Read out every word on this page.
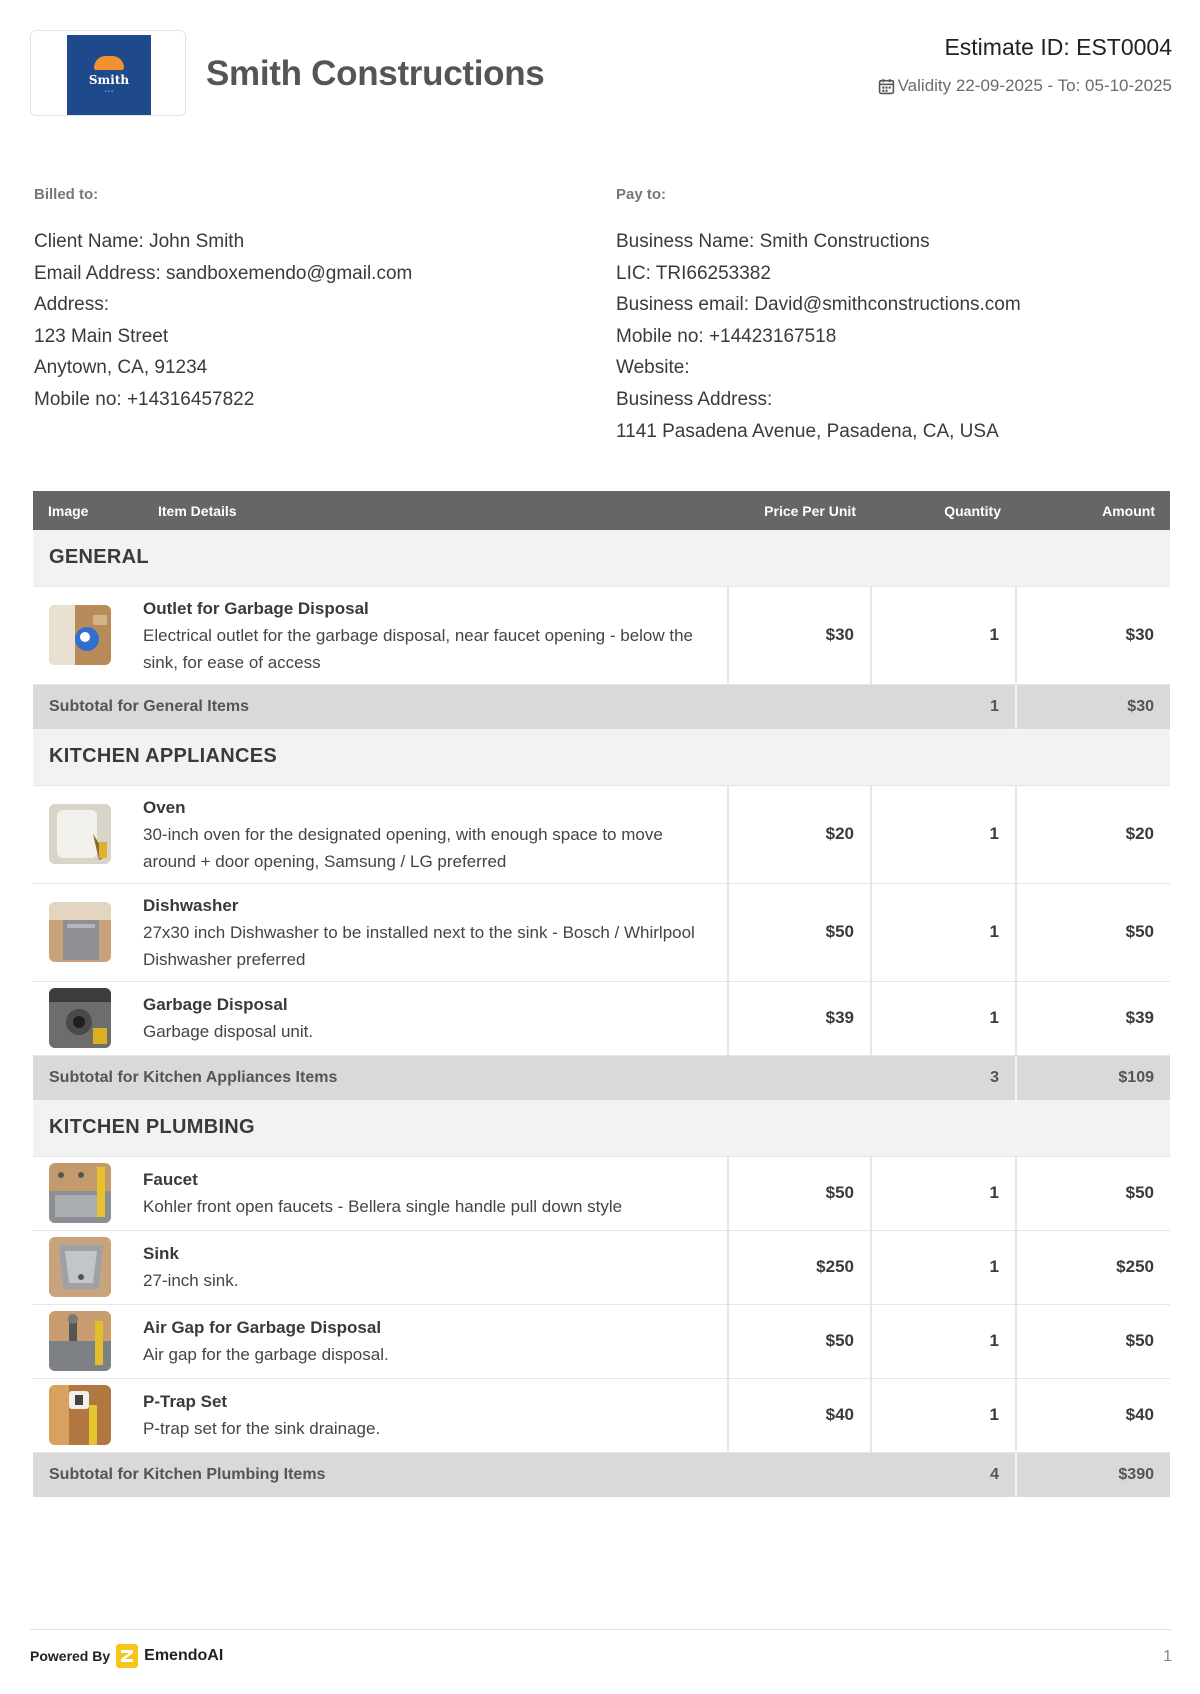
Smith
• • •	Smith Constructions
Estimate ID: EST0004
Validity 22-09-2025 - To: 05-10-2025
Billed to:
Client Name: John Smith
Email Address: sandboxemendo@gmail.com
Address:
123 Main Street
Anytown, CA, 91234
Mobile no: +14316457822
Pay to:
Business Name: Smith Constructions
LIC: TRI66253382
Business email: David@smithconstructions.com
Mobile no: +14423167518
Website:
Business Address:
1141 Pasadena Avenue, Pasadena, CA, USA
Image	Item Details	Price Per Unit	Quantity	Amount
GENERAL				

Outlet for Garbage Disposal
Electrical outlet for the garbage disposal, near faucet opening - below the sink, for ease of access	$30	1	$30
Subtotal for General Items			1	$30
KITCHEN APPLIANCES				

Oven
30-inch oven for the designated opening, with enough space to move around + door opening, Samsung / LG preferred	$20	1	$20

Dishwasher
27x30 inch Dishwasher to be installed next to the sink - Bosch / Whirlpool Dishwasher preferred	$50	1	$50

Garbage Disposal
Garbage disposal unit.	$39	1	$39
Subtotal for Kitchen Appliances Items			3	$109
KITCHEN PLUMBING				

Faucet
Kohler front open faucets - Bellera single handle pull down style	$50	1	$50

Sink
27-inch sink.	$250	1	$250

Air Gap for Garbage Disposal
Air gap for the garbage disposal.	$50	1	$50

P-Trap Set
P-trap set for the sink drainage.	$40	1	$40
Subtotal for Kitchen Plumbing Items			4	$390
Powered By EmendoAI	1
